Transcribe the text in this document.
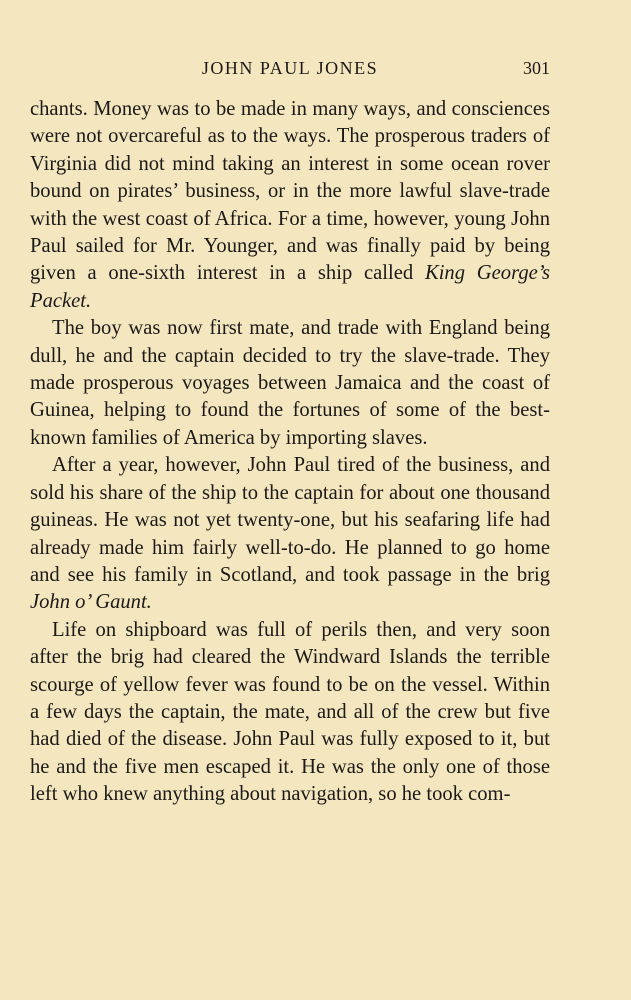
JOHN PAUL JONES	301

chants. Money was to be made in many ways, and consciences were not overcareful as to the ways. The prosperous traders of Virginia did not mind taking an interest in some ocean rover bound on pirates’ business, or in the more lawful slave-trade with the west coast of Africa. For a time, however, young John Paul sailed for Mr. Younger, and was finally paid by being given a one-sixth interest in a ship called King George’s Packet.

The boy was now first mate, and trade with England being dull, he and the captain decided to try the slave-trade. They made prosperous voyages between Jamaica and the coast of Guinea, helping to found the fortunes of some of the best-known families of America by importing slaves.

After a year, however, John Paul tired of the business, and sold his share of the ship to the captain for about one thousand guineas. He was not yet twenty-one, but his seafaring life had already made him fairly well-to-do. He planned to go home and see his family in Scotland, and took passage in the brig John o’ Gaunt.

Life on shipboard was full of perils then, and very soon after the brig had cleared the Windward Islands the terrible scourge of yellow fever was found to be on the vessel. Within a few days the captain, the mate, and all of the crew but five had died of the disease. John Paul was fully exposed to it, but he and the five men escaped it. He was the only one of those left who knew anything about navigation, so he took com-
